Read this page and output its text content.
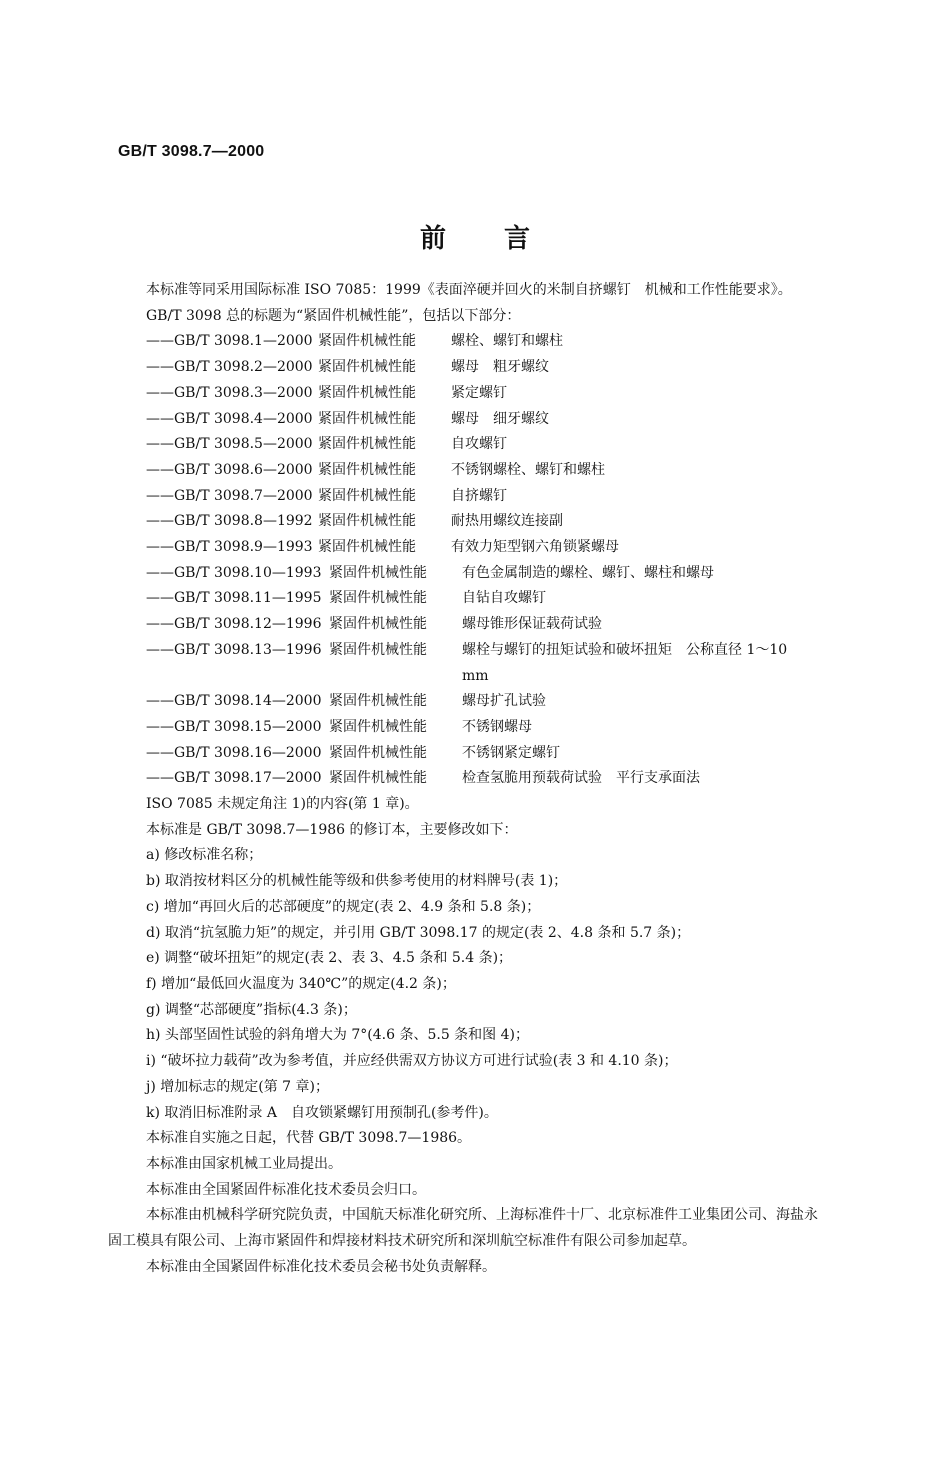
GB/T 3098.7—2000
前言

本标准等同采用国际标准 ISO 7085：1999《表面淬硬并回火的米制自挤螺钉　机械和工作性能要求》。

GB/T 3098 总的标题为“紧固件机械性能”，包括以下部分：

——GB/T 3098.1—2000 紧固件机械性能	螺栓、螺钉和螺柱
——GB/T 3098.2—2000 紧固件机械性能	螺母　粗牙螺纹
——GB/T 3098.3—2000 紧固件机械性能	紧定螺钉
——GB/T 3098.4—2000 紧固件机械性能	螺母　细牙螺纹
——GB/T 3098.5—2000 紧固件机械性能	自攻螺钉
——GB/T 3098.6—2000 紧固件机械性能	不锈钢螺栓、螺钉和螺柱
——GB/T 3098.7—2000 紧固件机械性能	自挤螺钉
——GB/T 3098.8—1992 紧固件机械性能	耐热用螺纹连接副
——GB/T 3098.9—1993 紧固件机械性能	有效力矩型钢六角锁紧螺母
——GB/T 3098.10—1993 紧固件机械性能	有色金属制造的螺栓、螺钉、螺柱和螺母
——GB/T 3098.11—1995 紧固件机械性能	自钻自攻螺钉
——GB/T 3098.12—1996 紧固件机械性能	螺母锥形保证载荷试验
——GB/T 3098.13—1996 紧固件机械性能	螺栓与螺钉的扭矩试验和破坏扭矩　公称直径 1～10 mm
——GB/T 3098.14—2000 紧固件机械性能	螺母扩孔试验
——GB/T 3098.15—2000 紧固件机械性能	不锈钢螺母
——GB/T 3098.16—2000 紧固件机械性能	不锈钢紧定螺钉
——GB/T 3098.17—2000 紧固件机械性能	检查氢脆用预载荷试验　平行支承面法

ISO 7085 未规定角注 1)的内容(第 1 章)。

本标准是 GB/T 3098.7—1986 的修订本，主要修改如下：

a) 修改标准名称；

b) 取消按材料区分的机械性能等级和供参考使用的材料牌号(表 1)；

c) 增加“再回火后的芯部硬度”的规定(表 2、4.9 条和 5.8 条)；

d) 取消“抗氢脆力矩”的规定，并引用 GB/T 3098.17 的规定(表 2、4.8 条和 5.7 条)；

e) 调整“破坏扭矩”的规定(表 2、表 3、4.5 条和 5.4 条)；

f) 增加“最低回火温度为 340℃”的规定(4.2 条)；

g) 调整“芯部硬度”指标(4.3 条)；

h) 头部坚固性试验的斜角增大为 7°(4.6 条、5.5 条和图 4)；

i) “破坏拉力载荷”改为参考值，并应经供需双方协议方可进行试验(表 3 和 4.10 条)；

j) 增加标志的规定(第 7 章)；

k) 取消旧标准附录 A　自攻锁紧螺钉用预制孔(参考件)。

本标准自实施之日起，代替 GB/T 3098.7—1986。

本标准由国家机械工业局提出。

本标准由全国紧固件标准化技术委员会归口。

本标准由机械科学研究院负责，中国航天标准化研究所、上海标准件十厂、北京标准件工业集团公司、海盐永固工模具有限公司、上海市紧固件和焊接材料技术研究所和深圳航空标准件有限公司参加起草。

本标准由全国紧固件标准化技术委员会秘书处负责解释。
